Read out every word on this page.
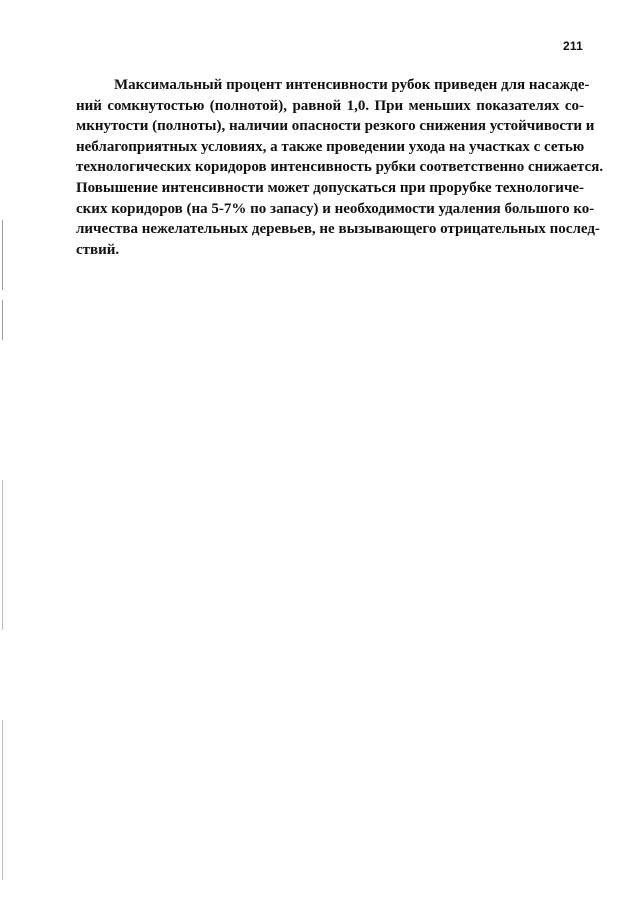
211
Максимальный процент интенсивности рубок приведен для насажде-
ний сомкнутостью (полнотой), равной 1,0. При меньших показателях со-
мкнутости (полноты), наличии опасности резкого снижения устойчивости и
неблагоприятных условиях, а также проведении ухода на участках с сетью
технологических коридоров интенсивность рубки соответственно снижается.
Повышение интенсивности может допускаться при прорубке технологиче-
ских коридоров (на 5-7% по запасу) и необходимости удаления большого ко-
личества нежелательных деревьев, не вызывающего отрицательных послед-
ствий.
